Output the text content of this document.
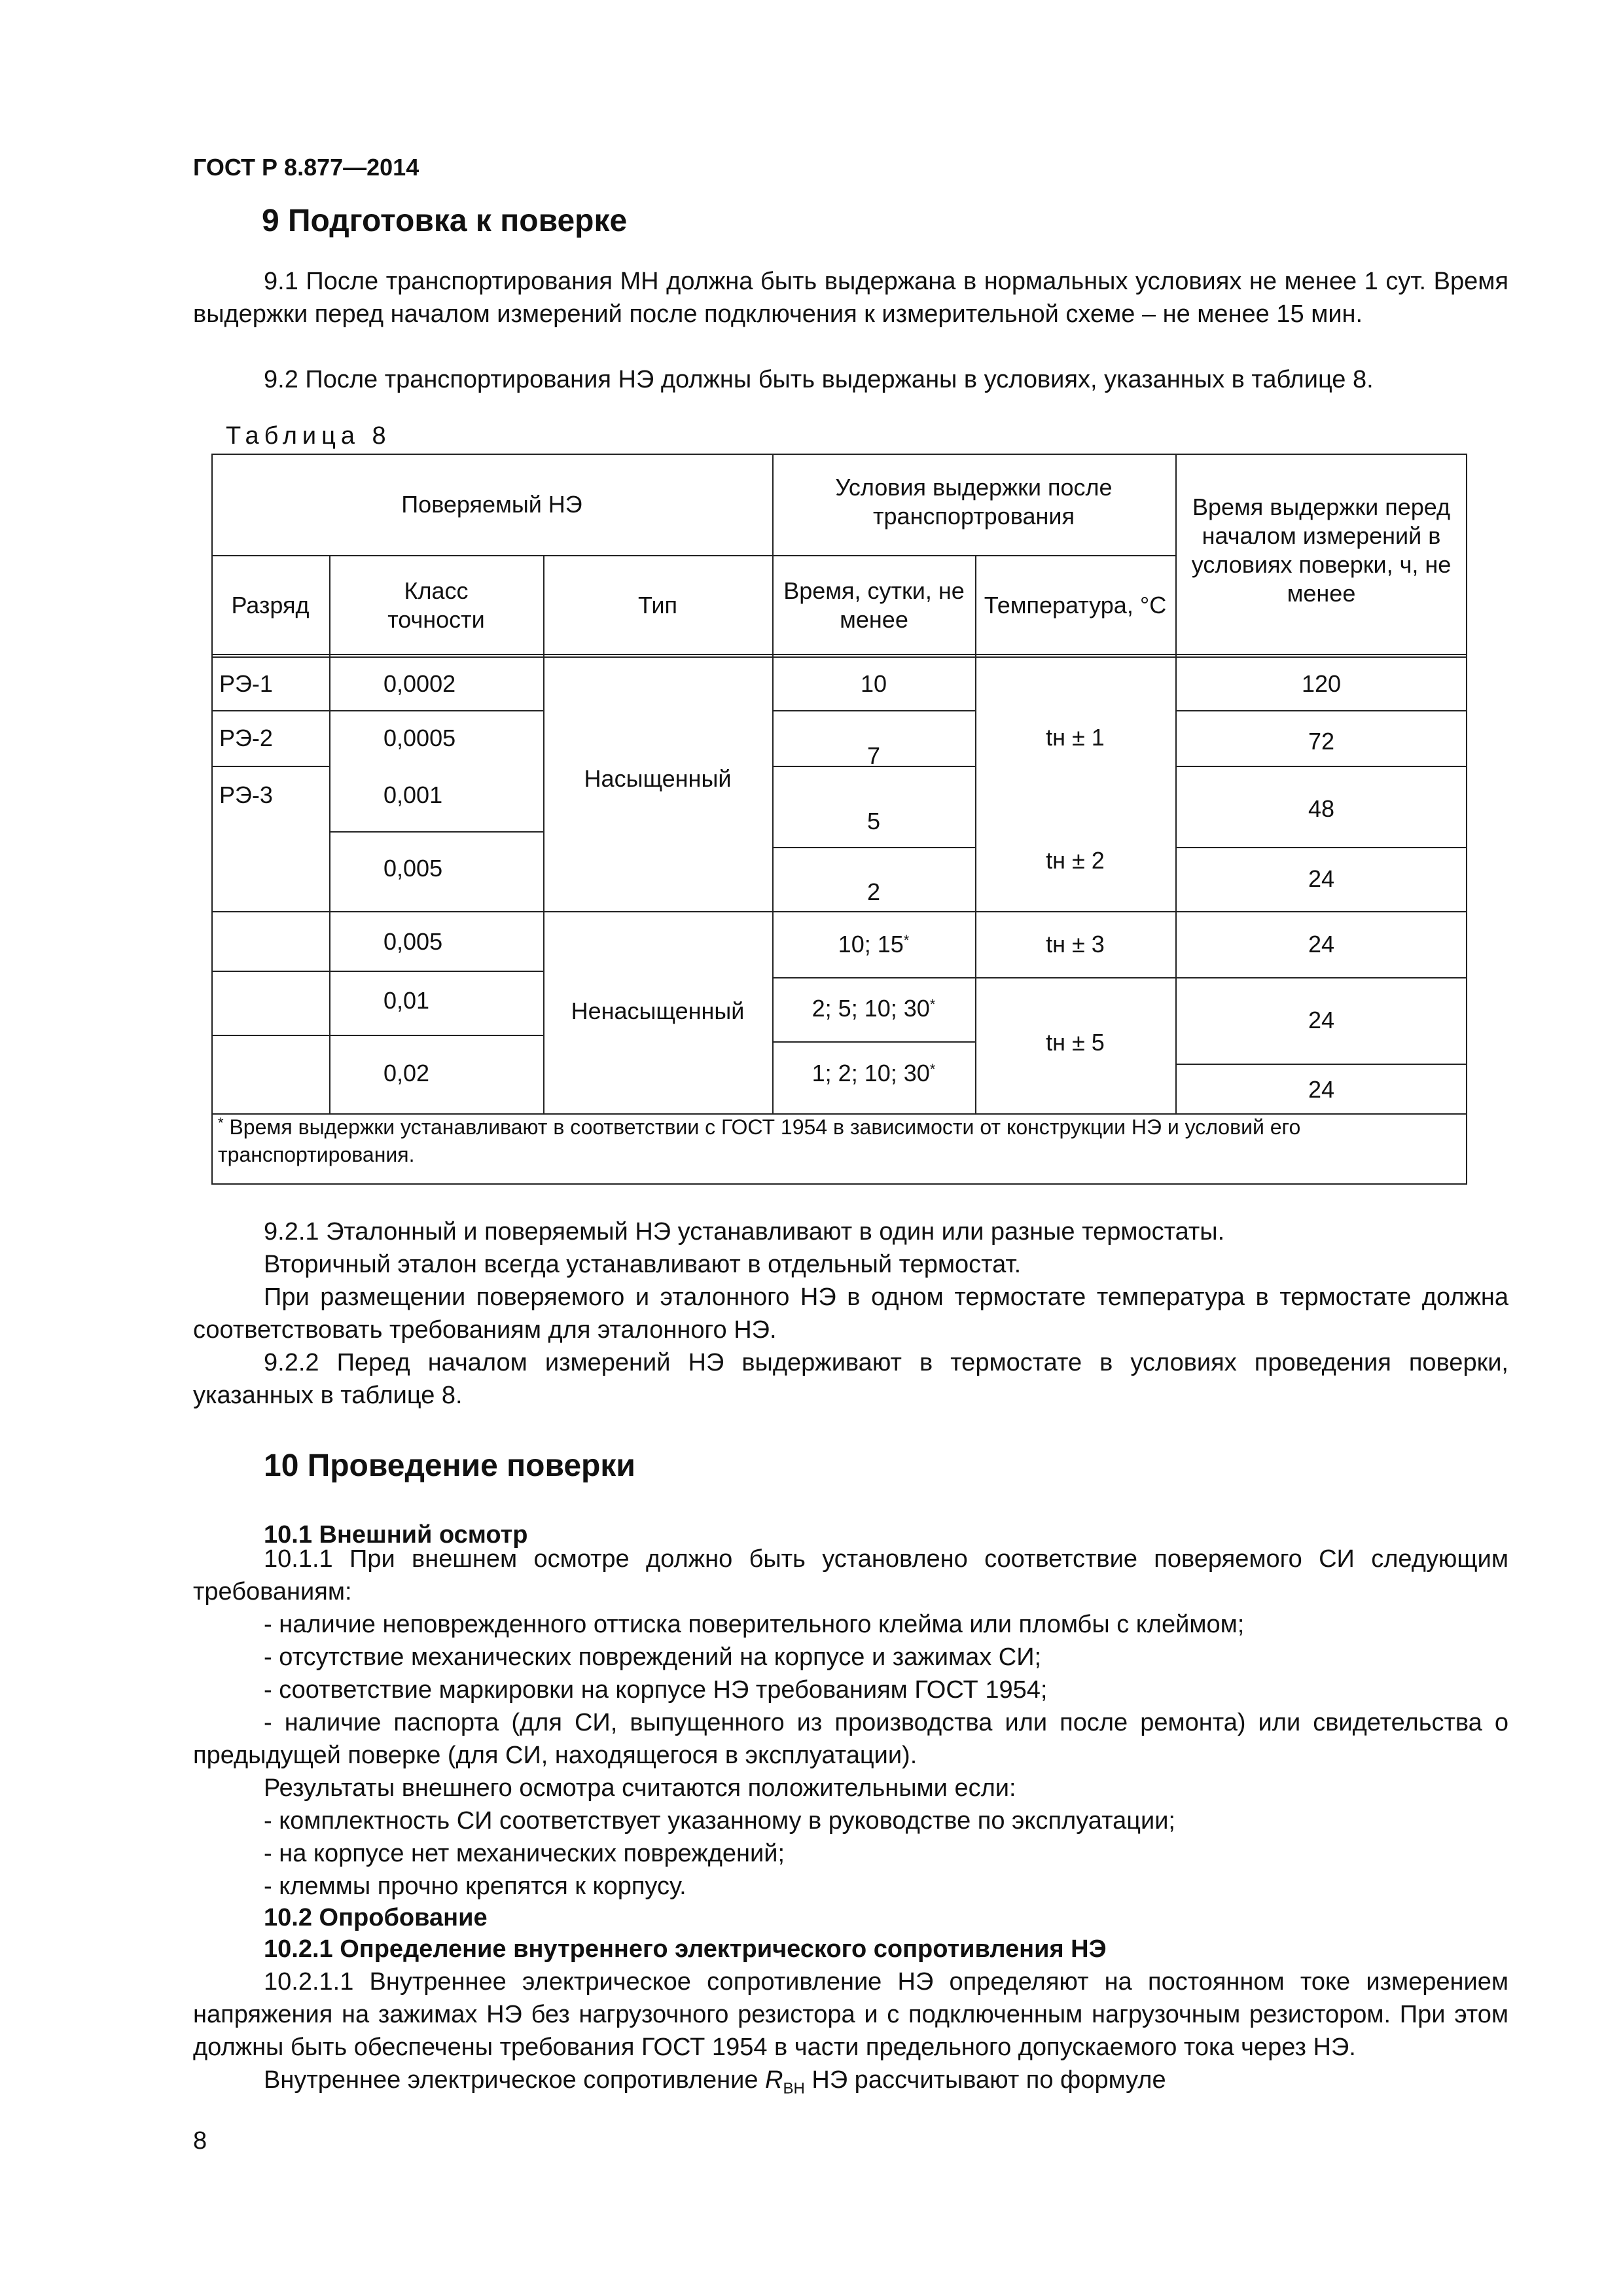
ГОСТ Р 8.877—2014
9 Подготовка к поверке
9.1 После транспортирования МН должна быть выдержана в нормальных условиях не менее 1 сут. Время выдержки перед началом измерений после подключения к измерительной схеме – не менее 15 мин.
9.2 После транспортирования НЭ должны быть выдержаны в условиях, указанных в таблице 8.
Таблица 8
Поверяемый НЭ
Условия выдержки после транспортрования	Время выдержки перед началом измерений в условиях поверки, ч, не менее
Разряд
Класс точности
Тип
Время, сутки, не менее
Температура, °С
РЭ-1
РЭ-2
РЭ-3
0,0002
0,0005
0,001
0,005
0,005
0,01
0,02
Насыщенный
Ненасыщенный
10
7
5
2
10; 15*
2; 5; 10; 30*
1; 2; 10; 30*
tн ± 1
tн ± 2
tн ± 3
tн ± 5
120
72
48
24
24
24
24
* Время выдержки устанавливают в соответствии с ГОСТ 1954 в зависимости от конструкции НЭ и условий его транспортирования.
9.2.1 Эталонный и поверяемый НЭ устанавливают в один или разные термостаты.
Вторичный эталон всегда устанавливают в отдельный термостат.
При размещении поверяемого и эталонного НЭ в одном термостате температура в термостате должна соответствовать требованиям для эталонного НЭ.
9.2.2 Перед началом измерений НЭ выдерживают в термостате в условиях проведения поверки, указанных в таблице 8.
10 Проведение поверки
10.1 Внешний осмотр
10.1.1 При внешнем осмотре должно быть установлено соответствие поверяемого СИ следующим требованиям:
- наличие неповрежденного оттиска поверительного клейма или пломбы с клеймом;
- отсутствие механических повреждений на корпусе и зажимах СИ;
- соответствие маркировки на корпусе НЭ требованиям ГОСТ 1954;
- наличие паспорта (для СИ, выпущенного из производства или после ремонта) или свидетельства о предыдущей поверке (для СИ, находящегося в эксплуатации).
Результаты внешнего осмотра считаются положительными если:
- комплектность СИ соответствует указанному в руководстве по эксплуатации;
- на корпусе нет механических повреждений;
- клеммы прочно крепятся к корпусу.
10.2 Опробование
10.2.1 Определение внутреннего электрического сопротивления НЭ
10.2.1.1 Внутреннее электрическое сопротивление НЭ определяют на постоянном токе измерением напряжения на зажимах НЭ без нагрузочного резистора и с подключенным нагрузочным резистором. При этом должны быть обеспечены требования ГОСТ 1954 в части предельного допускаемого тока через НЭ.
Внутреннее электрическое сопротивление $R_{ВН}$ НЭ рассчитывают по формуле
8
